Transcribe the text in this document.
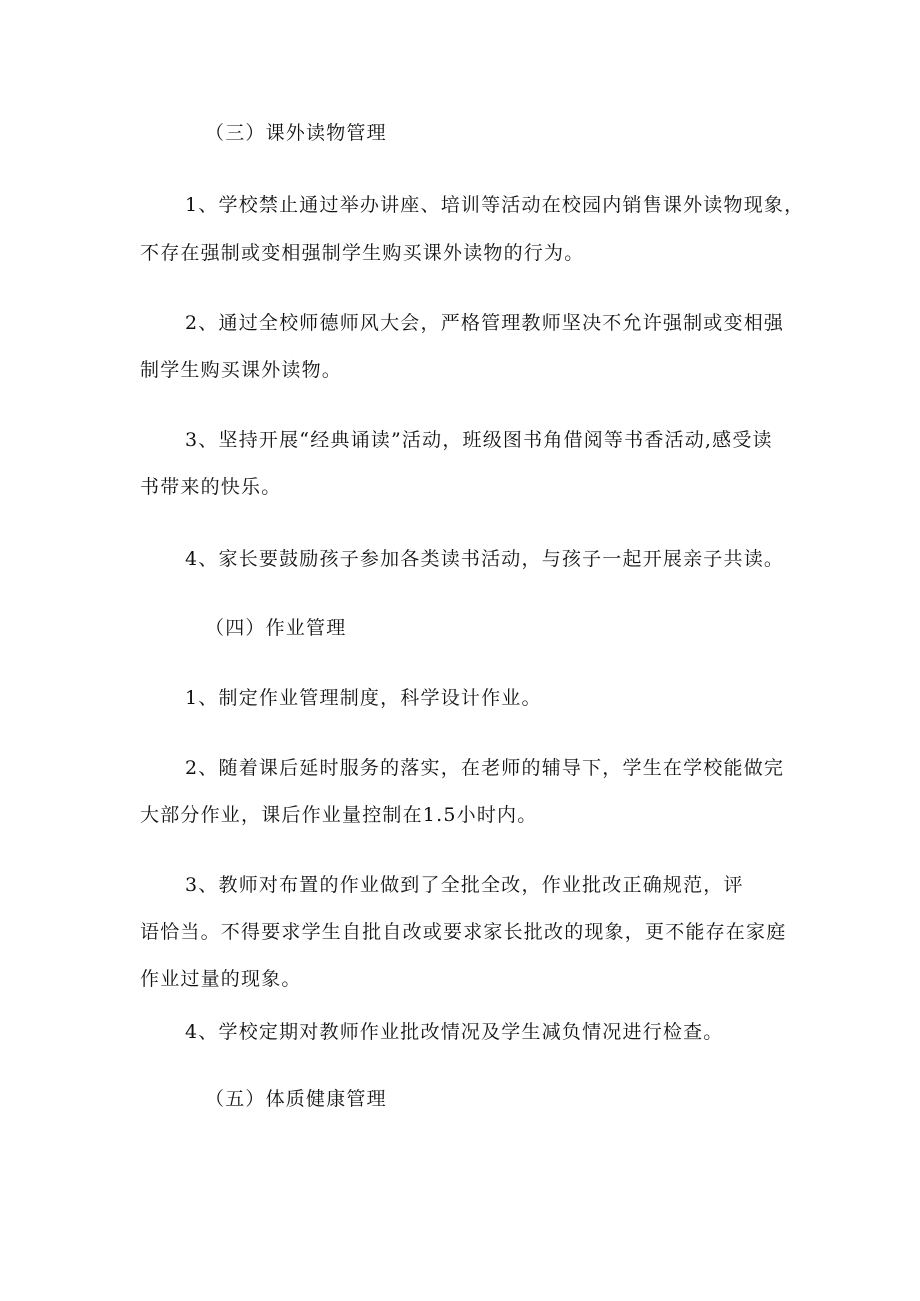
（三）课外读物管理
1、学校禁止通过举办讲座、培训等活动在校园内销售课外读物现象，
不存在强制或变相强制学生购买课外读物的行为。
2、通过全校师德师风大会，严格管理教师坚决不允许强制或变相强
制学生购买课外读物。
3、坚持开展“经典诵读”活动，班级图书角借阅等书香活动,感受读
书带来的快乐。
4、家长要鼓励孩子参加各类读书活动，与孩子一起开展亲子共读。
（四）作业管理
1、制定作业管理制度，科学设计作业。
2、随着课后延时服务的落实，在老师的辅导下，学生在学校能做完
大部分作业，课后作业量控制在1.5小时内。
3、教师对布置的作业做到了全批全改，作业批改正确规范，评
语恰当。不得要求学生自批自改或要求家长批改的现象，更不能存在家庭
作业过量的现象。
4、学校定期对教师作业批改情况及学生减负情况进行检查。
（五）体质健康管理
